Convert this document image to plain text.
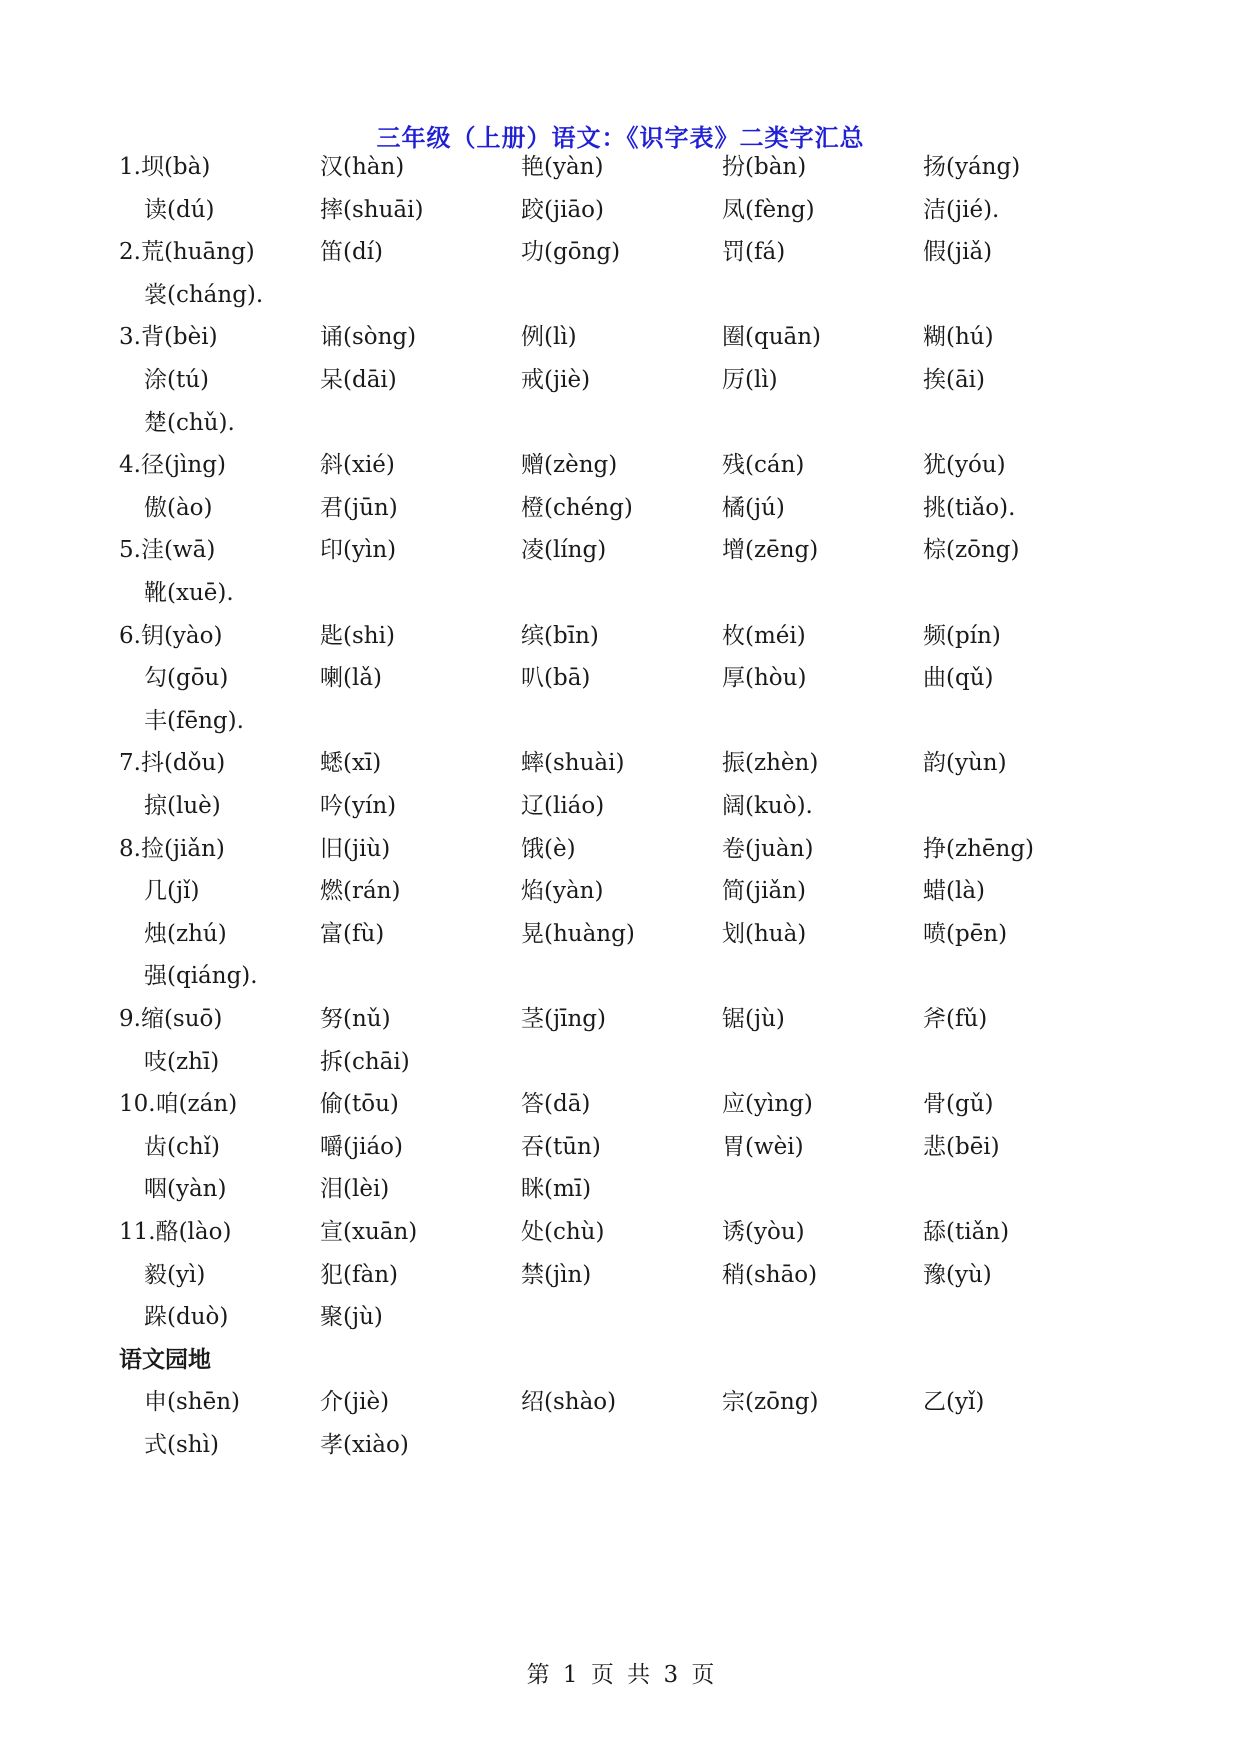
三年级（上册）语文：《识字表》二类字汇总
1.坝(bà)	汉(hàn)	艳(yàn)	扮(bàn)	扬(yáng)
读(dú)	摔(shuāi)	跤(jiāo)	凤(fèng)	洁(jié).
2.荒(huāng)	笛(dí)	功(gōng)	罚(fá)	假(jiǎ)
裳(cháng).
3.背(bèi)	诵(sòng)	例(lì)	圈(quān)	糊(hú)
涂(tú)	呆(dāi)	戒(jiè)	厉(lì)	挨(āi)
楚(chǔ).
4.径(jìng)	斜(xié)	赠(zèng)	残(cán)	犹(yóu)
傲(ào)	君(jūn)	橙(chéng)	橘(jú)	挑(tiǎo).
5.洼(wā)	印(yìn)	凌(líng)	增(zēng)	棕(zōng)
靴(xuē).
6.钥(yào)	匙(shi)	缤(bīn)	枚(méi)	频(pín)
勾(gōu)	喇(lǎ)	叭(bā)	厚(hòu)	曲(qǔ)
丰(fēng).
7.抖(dǒu)	蟋(xī)	蟀(shuài)	振(zhèn)	韵(yùn)
掠(luè)	吟(yín)	辽(liáo)	阔(kuò).
8.捡(jiǎn)	旧(jiù)	饿(è)	卷(juàn)	挣(zhēng)
几(jǐ)	燃(rán)	焰(yàn)	简(jiǎn)	蜡(là)
烛(zhú)	富(fù)	晃(huàng)	划(huà)	喷(pēn)
强(qiáng).
9.缩(suō)	努(nǔ)	茎(jīng)	锯(jù)	斧(fǔ)
吱(zhī)	拆(chāi)
10.咱(zán)	偷(tōu)	答(dā)	应(yìng)	骨(gǔ)
齿(chǐ)	嚼(jiáo)	吞(tūn)	胃(wèi)	悲(bēi)
咽(yàn)	泪(lèi)	眯(mī)
11.酪(lào)	宣(xuān)	处(chù)	诱(yòu)	舔(tiǎn)
毅(yì)	犯(fàn)	禁(jìn)	稍(shāo)	豫(yù)
跺(duò)	聚(jù)
语文园地
申(shēn)	介(jiè)	绍(shào)	宗(zōng)	乙(yǐ)
式(shì)	孝(xiào)
第 1 页 共 3 页
